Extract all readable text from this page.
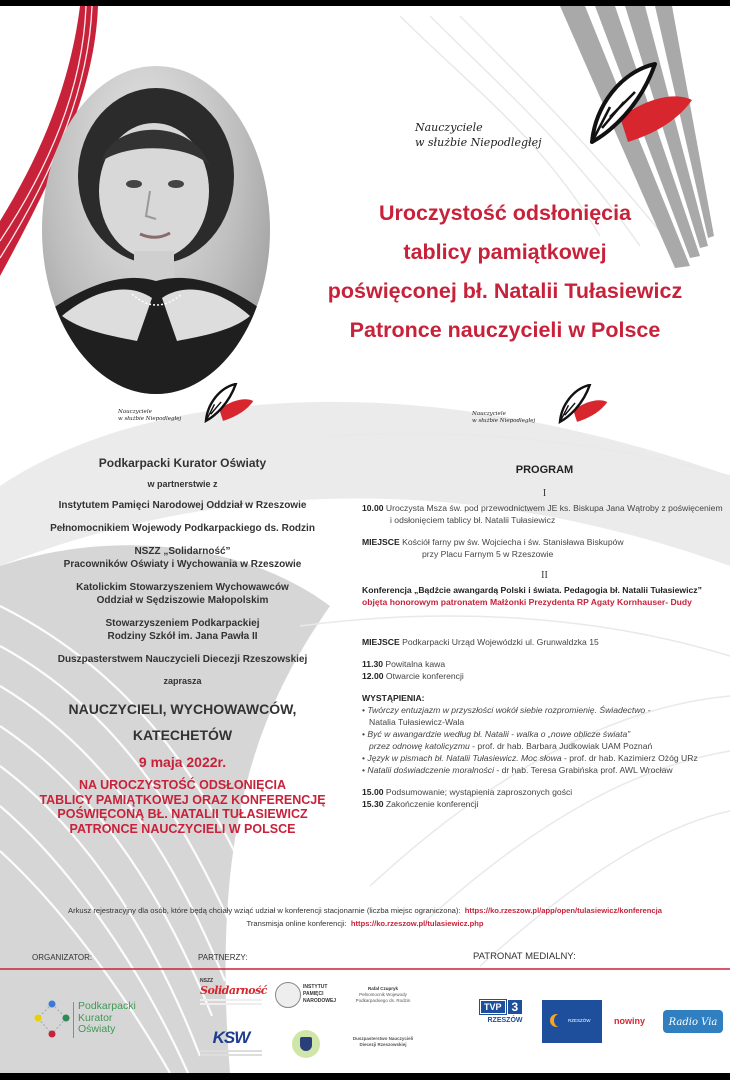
Nauczyciele
w służbie Niepodległej
Uroczystość odsłonięcia
tablicy pamiątkowej
poświęconej bł. Natalii Tułasiewicz
Patronce nauczycieli w Polsce
Nauczyciele
w służbie Niepodległej
Nauczyciele
w służbie Niepodległej
Podkarpacki Kurator Oświaty
w partnerstwie z
Instytutem Pamięci Narodowej Oddział w Rzeszowie
Pełnomocnikiem Wojewody Podkarpackiego ds. Rodzin
NSZZ „Solidarność”
Pracowników Oświaty i Wychowania w Rzeszowie
Katolickim Stowarzyszeniem Wychowawców
Oddział w Sędziszowie Małopolskim
Stowarzyszeniem Podkarpackiej
Rodziny Szkół im. Jana Pawła II
Duszpasterstwem Nauczycieli Diecezji Rzeszowskiej
zaprasza
NAUCZYCIELI, WYCHOWAWCÓW,
KATECHETÓW
9 maja 2022r.
NA UROCZYSTOŚĆ ODSŁONIĘCIA
TABLICY PAMIĄTKOWEJ ORAZ KONFERENCJĘ
POŚWIĘCONĄ BŁ. NATALII TUŁASIEWICZ
PATRONCE NAUCZYCIELI W POLSCE
PROGRAM
I
10.00 Uroczysta Msza św. pod przewodnictwem JE ks. Biskupa Jana Wątroby z poświęceniem
i odsłonięciem tablicy bł. Natalii Tułasiewicz
MIEJSCE Kościół farny pw św. Wojciecha i św. Stanisława Biskupów
przy Placu Farnym 5 w Rzeszowie
II
Konferencja „Bądźcie awangardą Polski i świata. Pedagogia bł. Natalii Tułasiewicz”
objęta honorowym patronatem Małżonki Prezydenta RP Agaty Kornhauser- Dudy
MIEJSCE Podkarpacki Urząd Wojewódzki ul. Grunwaldzka 15
11.30 Powitalna kawa
12.00 Otwarcie konferencji
WYSTĄPIENIA:
• Twórczy entuzjazm w przyszłości wokół siebie rozpromienię. Świadectwo -
Natalia Tułasiewicz-Wala
• Być w awangardzie według bł. Natalii - walka o „nowe oblicze świata”
przez odnowę katolicyzmu - prof. dr hab. Barbara Judkowiak UAM Poznań
• Język w pismach bł. Natalii Tułasiewicz. Moc słowa - prof. dr hab. Kazimierz Ożóg URz
• Natalii doświadczenie moralności - dr hab. Teresa Grabińska prof. AWL Wrocław
15.00 Podsumowanie; wystąpienia zaproszonych gości
15.30 Zakończenie konferencji
Arkusz rejestracyjny dla osób, które będą chciały wziąć udział w konferencji stacjonarnie (liczba miejsc ograniczona): https://ko.rzeszow.pl/app/open/tulasiewicz/konferencja
Transmisja online konferencji: https://ko.rzeszow.pl/tulasiewicz.php
ORGANIZATOR:	PARTNERZY:	PATRONAT MEDIALNY:
Podkarpacki
Kurator
Oświaty
NSZZ
Solidarność	INSTYTUT
PAMIĘCI
NARODOWEJ
Rafał Czupryk
Pełnomocnik Wojewody
Podkarpackiego ds. Rodzin
KSW	Duszpasterstwo Nauczycieli
Diecezji Rzeszowskiej
TVP 3
RZESZÓW	RZESZÓW	nowiny	Radio Via
